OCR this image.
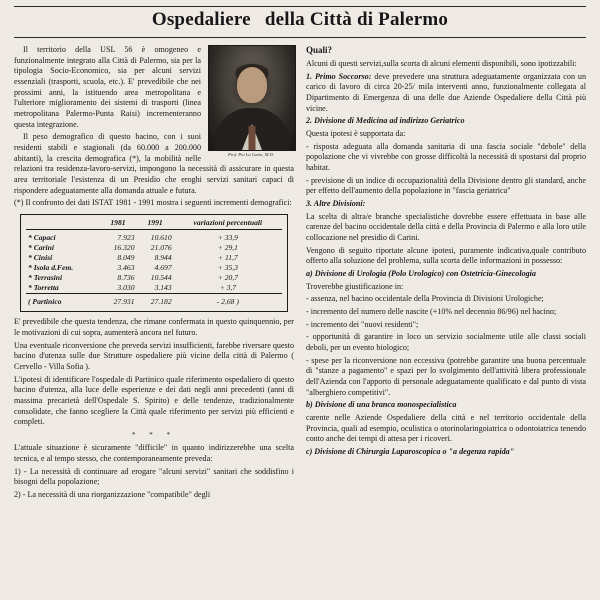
Ospedaliere della Città di Palermo
Prof. Pio La Gatto, M.D.

Il territorio della USL 56 è omogeneo e funzionalmente integrato alla Città di Palermo, sia per la tipologia Socio-Economico, sia per alcuni servizi essenziali (trasporti, scuola, etc.). E' prevedibile che nei prossimi anni, la istituendo area metropolitana e l'ulteriore miglioramento dei sistemi di trasporti (linea metropolitana Palermo-Punta Raisi) incrementeranno questa integrazione.

Il peso demografico di questo bacino, con i suoi residenti stabili e stagionali (da 60.000 a 200.000 abitanti), la crescita demografica (*), la mobilità nelle relazioni tra residenza-lavoro-servizi, impongono la necessità di assicurare in questa area territoriale l'esistenza di un Presidio che eroghi servizi sanitari capaci di rispondere adeguatamente alla domanda attuale e futura.

(*) Il confronto dei dati ISTAT 1981 - 1991 mostra i seguenti incrementi demografici:

	1981	1991	variazioni percentuali

* Capaci	7.923	10.610	+ 33,9
* Carini	16.320	21.076	+ 29,1
* Cinisi	8.049	8.944	+ 11,7
* Isola d.Fem.	3.463	4.697	+ 35,3
* Terrasini	8.736	10.544	+ 20,7
* Torretta	3.030	3.143	+ 3,7

( Partinico	27.931	27.182	- 2,68 )

E' prevedibile che questa tendenza, che rimane confermata in questo quinquennio, per le motivazioni di cui sopra, aumenterà ancora nel futuro.

Una eventuale riconversione che preveda servizi insufficienti, farebbe riversare questo bacino d'utenza sulle due Strutture ospedaliere più vicine della città di Palermo ( Cervello - Villa Sofia ).

L'ipotesi di identificare l'ospedale di Partinico quale riferimento ospedaliero di questo bacino d'utenza, alla luce delle esperienze e dei dati negli anni precedenti (anni di massima precarietà dell'Ospedale S. Spirito) e delle tendenze, tradizionalmente consolidate, che fanno scegliere la Città quale riferimento per servizi più efficienti e completi.

* * *

L'attuale situazione è sicuramente "difficile" in quanto indirizzerebbe una scelta tecnica, e al tempo stesso, che contemporaneamente preveda:

1) - La necessità di continuare ad erogare "alcuni servizi" sanitari che soddisfino i bisogni della popolazione;

2) - La necessità di una riorganizzazione "compatibile" degli

Quali?

Alcuni di questi servizi,sulla scorta di alcuni elementi disponibili, sono ipotizzabili:

1. Primo Soccorso: deve prevedere una struttura adeguatamente organizzata con un carico di lavoro di circa 20-25/ mila interventi anno, funzionalmente collegata al Dipartimento di Emergenza di una delle due Aziende Ospedaliere della Città più vicine.

2. Divisione di Medicina ad indirizzo Geriatrico

Questa ipotesi è supportata da:

- risposta adeguata alla domanda sanitaria di una fascia sociale "debole" della popolazione che vi vivrebbe con grosse difficoltà la necessità di spostarsi dal proprio habitat.

- previsione di un indice di occupazionalità della Divisione dentro gli standard, anche per effetto dell'aumento della popolazione in "fascia geriatrica"

3. Altre Divisioni:

La scelta di altra/e branche specialistiche dovrebbe essere effettuata in base alle carenze del bacino occidentale della città e della Provincia di Palermo e alla loro utile collocazione nel presidio di Carini.

Vengono di seguito riportate alcune ipotesi, puramente indicativa,quale contributo offerto alla soluzione del problema, sulla scorta delle informazioni in possesso:

a) Divisione di Urologia (Polo Urologico) con Ostetricia-Ginecologia

Troverebbe giustificazione in:

- assenza, nel bacino occidentale della Provincia di Divisioni Urologiche;

- incremento del numero delle nascite (+10% nel decennio 86/96) nel bacino;

- incremento dei "nuovi residenti";

- opportunità di garantire in loco un servizio socialmente utile alle classi sociali deboli, per un evento biologico;

- spese per la riconversione non eccessiva (potrebbe garantire una buona percentuale di "stanze a pagamento" e spazi per lo svolgimento dell'attività libera professionale dell'Azienda con l'apporto di personale adeguatamente qualificato e dal punto di vista "alberghiero competitivi".

b) Divisione di una branca monospecialistica

carente nelle Aziende Ospedaliere della città e nel territorio occidentale della Provincia, quali ad esempio, oculistica o otorinolaringoiatrica o odontoiatrica tenendo conto anche dei tempi di attesa per i ricoveri.

c) Divisione di Chirurgia Laparoscopica o "a degenza rapida"
